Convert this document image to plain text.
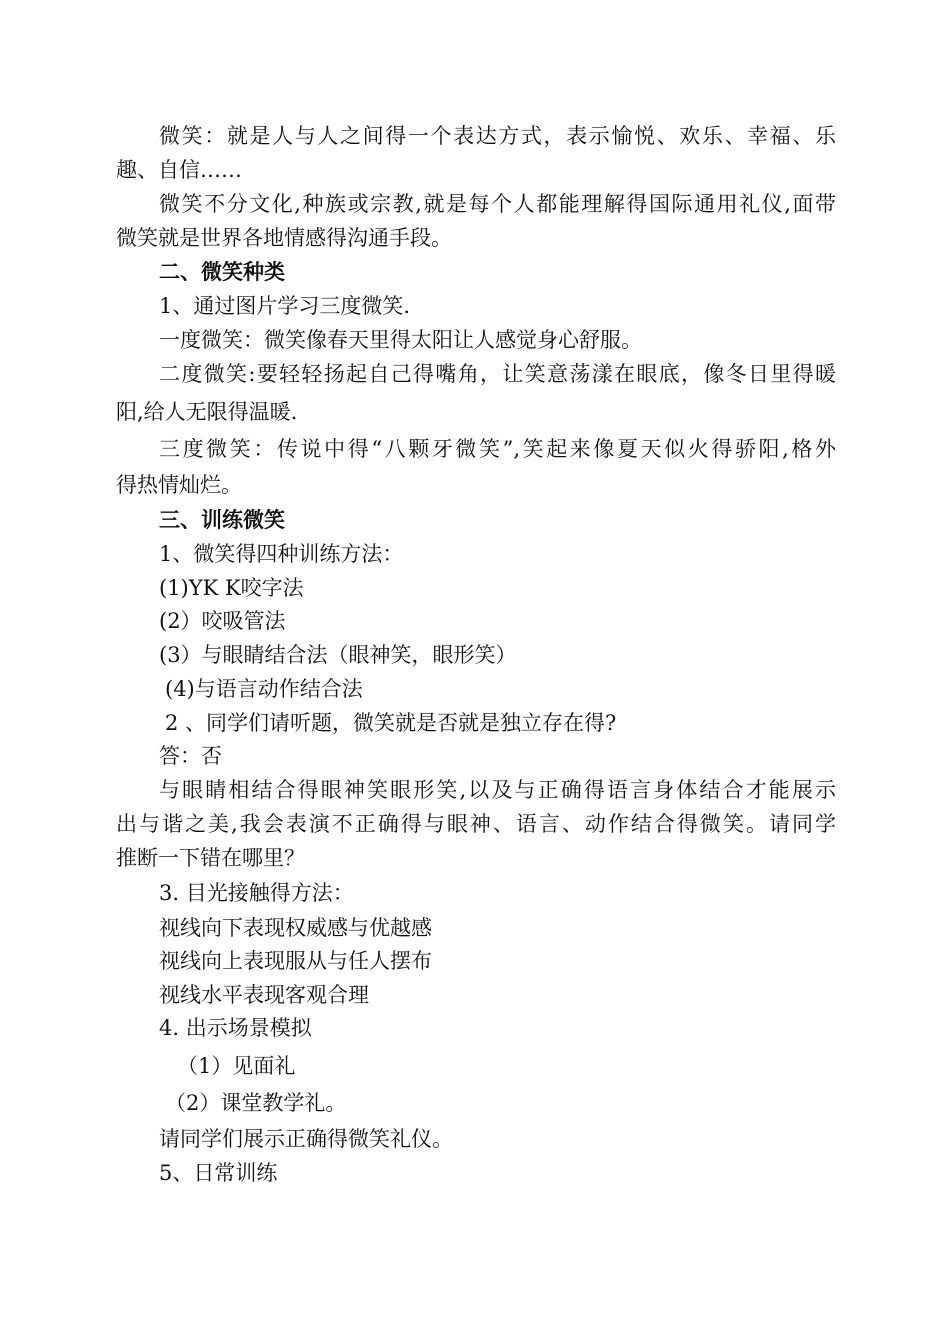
微笑：就是人与人之间得一个表达方式，表示愉悦、欢乐、幸福、乐
趣、自信……
微笑不分文化,种族或宗教,就是每个人都能理解得国际通用礼仪,面带
微笑就是世界各地情感得沟通手段。
二、微笑种类
1、通过图片学习三度微笑.
一度微笑：微笑像春天里得太阳让人感觉身心舒服。
二度微笑:要轻轻扬起自己得嘴角，让笑意荡漾在眼底，像冬日里得暖
阳,给人无限得温暖.
三度微笑：传说中得“八颗牙微笑”,笑起来像夏天似火得骄阳,格外
得热情灿烂。
三、训练微笑
1、微笑得四种训练方法：
(1)YK K咬字法
(2）咬吸管法
(3）与眼睛结合法（眼神笑，眼形笑）
(4)与语言动作结合法
2 、同学们请听题，微笑就是否就是独立存在得?
答：否
与眼睛相结合得眼神笑眼形笑,以及与正确得语言身体结合才能展示
出与谐之美,我会表演不正确得与眼神、语言、动作结合得微笑。请同学
推断一下错在哪里？
3. 目光接触得方法：
视线向下表现权威感与优越感
视线向上表现服从与任人摆布
视线水平表现客观合理
4. 出示场景模拟
（1）见面礼
（2）课堂教学礼。
请同学们展示正确得微笑礼仪。
5、日常训练
